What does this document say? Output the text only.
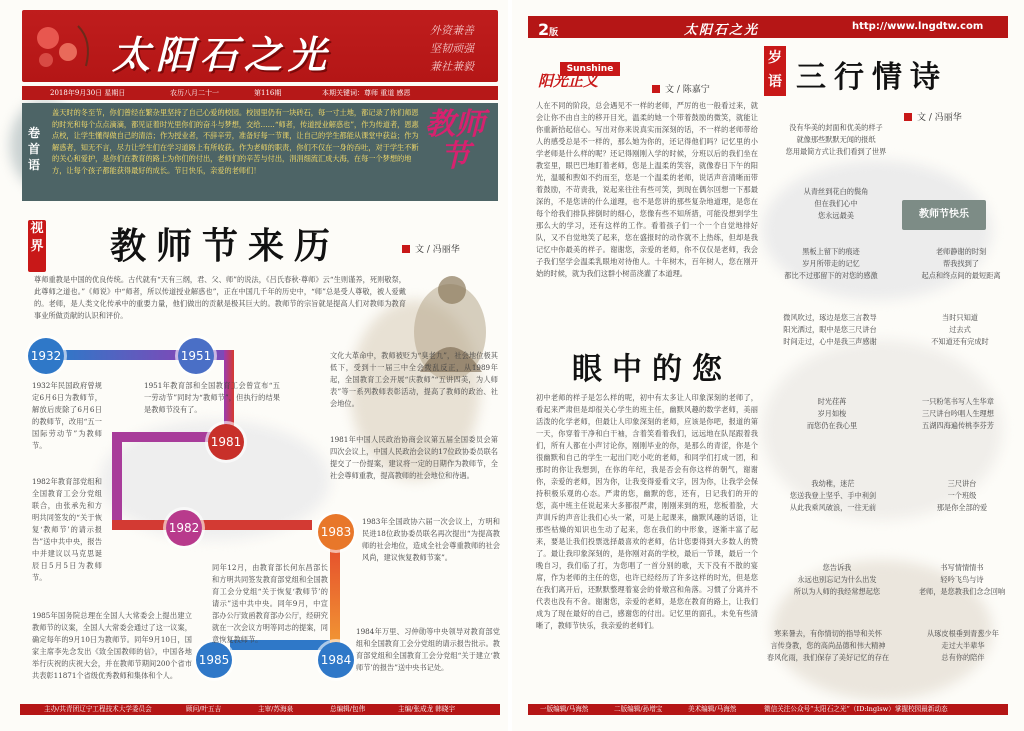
太阳石之光
外资兼善
坚韧顽强
兼社兼毅
2018年9月30日 星期日	农历八月二十一	第116期	本期关键词：尊师 重道 感恩
卷首语
盖天时的冬至节，你们曾经在繁杂里坚持了自己心爱的校园。校园里仍有一块砖石，每一寸土地，都记录了你们师恩的时光和每个点点滴滴，都见证着时光里你们的奋斗与梦想，交给……“师者，传道授业解惑也”，作为传道者，恩惠点校，让学生懂得做自己的清洁；作为授业者，不辞辛劳，准备好每一节课，让自己的学生都能从课堂中获益；作为解惑者，知无不言，尽力让学生们在学习道路上有所收获。作为老师的职责，你们不仅在一身的吞吐，对于学生不断的关心和爱护，是你们在教育的路上为你们的付出，老师们的辛苦与付出，涓涓细流汇成大海，在每一个梦想的地方，让每个孩子都能获得最好的成长。节日快乐，亲爱的老师们！
教师节
视界 教师节来历	文 / 冯丽华
尊师重教是中国的优良传统。古代就有“天有三纲，君、父、师”的说法，《吕氏春秋·尊师》云“生则谨养，死则敬祭，此尊师之道也。”《师说》中“师者，所以传道授业解惑也”，正在中国几千年的历史中，“师”总是受人尊敬，被人爱戴的。老师，是人类文化传承中的重要力量，他们做出的贡献是极其巨大的。教师节的宗旨就是提高人们对教师为教育事业所做贡献的认识和评价。
1932	1951
1981
1982	1983
1984
1985
1932年民国政府曾规定6月6日为教师节，解放后废除了6月6日的教师节，改用“五一国际劳动节”为教师节。
1951年教育部和全国教育工会曾宣布“五一劳动节”同时为“教师节”，但执行的结果是教师节没有了。
文化大革命中，教师被贬为“臭老九”，社会地位极其低下，受到十一届三中全会拨乱反正，从1989年起，全国教育工会开展“庆教师”“五讲四美，为人师表”等一系列教师表彰活动，提高了教师的政治、社会地位。
1981年中国人民政治协商会议第五届全国委员会第四次会议上，中国人民政治会议的17位政协委员联名提交了一份提案，建议将一定的日期作为教师节，全社会尊师重教，提高教师的社会地位和待遇。
1982年教育部党组和全国教育工会分党组联合，由张承先和方明共同签发的“关于恢复‘教师节’的请示报告”送中共中央，报告中并建议以马克思诞辰日5月5日为教师节。
1983年全国政协六届一次会议上，方明和民进18位政协委员联名再次提出“为提高教师的社会地位，造成全社会尊重教师的社会风尚，建议恢复教师节案”。
同年12月，由教育部长何东昌部长和方明共同签发教育部党组和全国教育工会分党组“关于恢复‘教师节’的请示”送中共中央。同年9月，中宣部办公厅致函教育部办公厅，经研究就在一次会议方明等同志的提案，同意恢复教师节。
1984年万里、习仲勋等中央领导对教育部党组和全国教育工会分党组的请示报告批示。教育部党组和全国教育工会分党组“关于建立‘教师节’的报告”送中央书记处。
1985年国务院总理在全国人大常委会上提出建立教师节的议案，全国人大常委会通过了这一议案，确定每年的9月10日为教师节。同年9月10日，国家主席李先念发出《致全国教师的信》，中国各地举行庆祝的庆祝大会，并在教师节期间200个省市共表彰11871个省级优秀教师和集体和个人。
主办/共青团辽宁工程技术大学委员会	顾问/叶五吉	主审/苏海泉	总编辑/包伟	主编/张成龙 韩晓宇
2版	太阳石之光	http://www.lngdtw.com
Sunshine
阳光正义	文 / 陈嘉宁
人在不同的阶段，总会遇见不一样的老师，严厉的也一般看过来，就会让你不由自主的移开目光，温柔的她一个带着鼓励的微笑，就能让你重新拾起信心。写出对你来说真实而深刻的话，不一样的老师带给人的感受总是不一样的，那么她为你的，还记得他们吗？记忆里的小学老师是什么样的呢？还记得刚刚入学的时候，分班以后的我们坐在教室里，眼巴巴地盯着老师，您是上温柔的笑容，就像春日下午的阳光，温暖和煦如不约而至，您是一个温柔的老师，说话声音清晰而带着鼓励，不苛责我，说起来往往有些可笑，到现在偶尔回想一下那最深的，不是您讲的什么道理，也不是您讲的那些复杂地道理，是您在每个给我们排队摔倒时的细心，您像有些不知所措，可能没想到学生那么大的学习，还有这样的工作。看着孩子们一个一个自觉地排好队，又不自觉地笑了起来，您在盛报时的动作就不上热练，但却是我记忆中你最美的样子。谢谢您，亲爱的老师，你不仅仅是老师，我会子我们坚学会温柔乳眼地对待他人。十年树木，百年树人，您在刚开始的时候，就为我们这群小树苗浇灌了本道理。
岁语 三行情诗
文 / 冯丽华
教师节快乐
没有华美的封面和优美的样子
就像那些默默无闻的报纸
您用最简方式让我们看到了世界
从青丝到花白的鬓角
但在我们心中
您永远最美
黑板上留下的痕迹
岁月所带走的记忆
都比不过那留下的对您的感激
老师静谢的时刻
帮我找到了
起点和终点间的最短距离
微风吹过，琢边是您三言教导
阳光洒过，眼中是您三尺讲台
时间走过，心中是我三声感谢
当时只知道
过去式
不知道还有完成时
时光荏苒
岁月如梭
而您仍在我心里
一只粉笔书写人生华章
三尺讲台吟唱人生理想
五湖四海遍传桃李芬芳
我幼稚，迷茫
您送我登上坚乎、手中利剑
从此我乘风破浪，一往无前
三尺讲台
一个班级
那是你全部的爱
您告诉我
永远也别忘记为什么出发
所以为人师的我经常想起您
书写情情情书
轻吟飞鸟与诗
老师，是您教我们念念回响
寒来暑去，有你情切的指导和关怀
言传身教，您的高尚品德和伟大精神
春风化雨，我们保存了美好记忆的存在
从琢皮根垂到青葱少年
走过大半辈华
总有你的陪伴
眼中的您
初中老师的样子是怎么样的呢，初中有太多让人印象深刻的老师了，看起来严肃但是却很关心学生的班主任，幽默风趣的数学老师，美丽活泼的化学老师，但最让人印象深刻的老师，应该是你吧，报道的第一天，你穿着干净和白干袖，含着笑看着我们，远远地在队尾跟着我们，所有人都在小声讨论你，刚刚毕业的你，是那么的青涩，你是个很幽默和自己的学生一起出门吃小吃的老师，和同学们打成一团，和那时的你让我想到，在你的年纪，我是否会有你这样的朝气，谢谢你，亲爱的老师，因为你，让我变得爱看文字，因为你，让我学会保持积极乐观的心态。严肃的您，幽默的您，还有，日记我们的开的您，高中班主任说起来大多都很严肃，刚刚来到的班，您板着脸，大声训斥的声音让我们心头一紧，可是上起课来，幽默风趣的话语，让那些枯燥的知识也生动了起来，您在我们的中形象，逐渐丰富了起来，要是让我们投票选择最喜欢的老师，估计您要得到大多数人的赞了。最让我印象深刻的，是你刚对高的学校，最后一节课，最后一个晚自习，我们临了打，为您唱了一首分别的歌，天下没有不散的宴席，作为老师的主任的您，也许已经经历了许多这样的时光，但是您在我们离开后，还默默整理着宴会的骨墩宫和角落。习惯了分离并不代表也没有不舍。谢谢您，亲爱的老师，是您在教育的路上，让我们成为了现在最好的自己，感谢您的付出。记忆里的面孔，未免有些清晰了，教师节快乐，我亲爱的老师们。
一版编辑/马海然	二版编辑/孙增宝	美术编辑/马海然	微信关注公众号“太阳石之光”（ID:lnglsw）掌握校园最新动态
